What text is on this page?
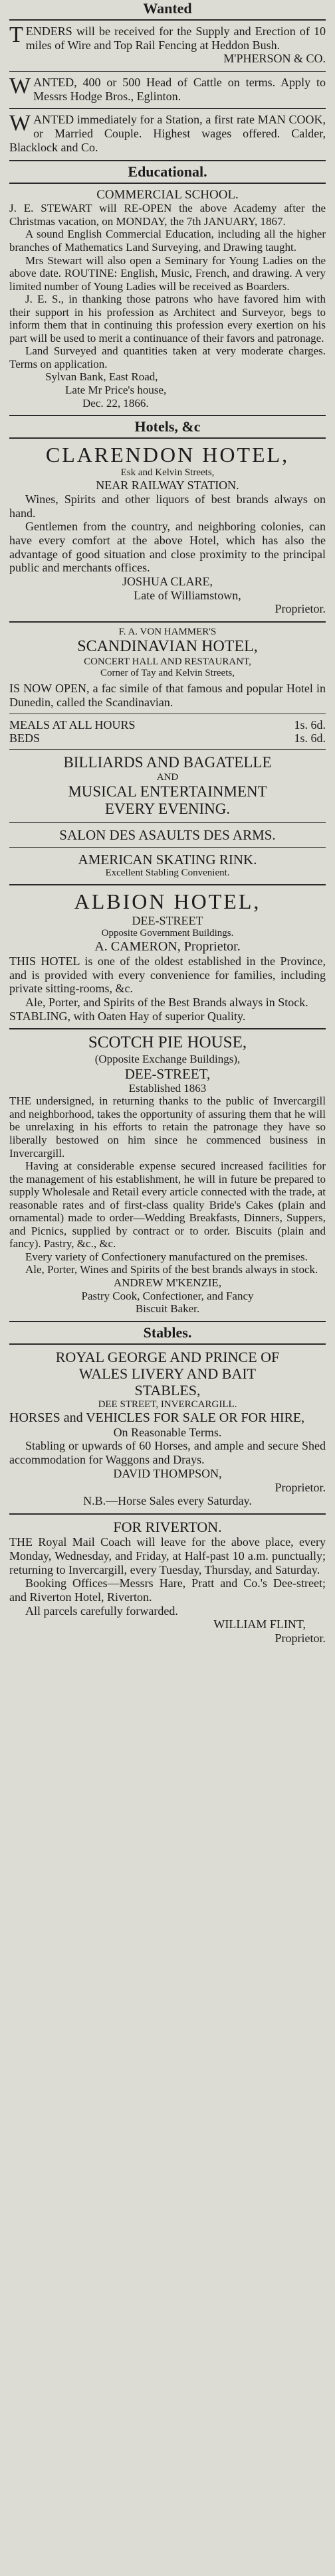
Wanted
TENDERS will be received for the Supply and Erection of 10 miles of Wire and Top Rail Fencing at Heddon Bush.
M'PHERSON & CO.
WANTED, 400 or 500 Head of Cattle on terms. Apply to Messrs Hodge Bros., Eglinton.
WANTED immediately for a Station, a first rate MAN COOK, or Married Couple. Highest wages offered. Calder, Blacklock and Co.
Educational.
COMMERCIAL SCHOOL.
J. E. STEWART will RE-OPEN the above Academy after the Christmas vacation, on MONDAY, the 7th JANUARY, 1867.
A sound English Commercial Education, including all the higher branches of Mathematics Land Surveying, and Drawing taught.
Mrs Stewart will also open a Seminary for Young Ladies on the above date. ROUTINE: English, Music, French, and drawing. A very limited number of Young Ladies will be received as Boarders.
J. E. S., in thanking those patrons who have favored him with their support in his profession as Architect and Surveyor, begs to inform them that in continuing this profession every exertion on his part will be used to merit a continuance of their favors and patronage.
Land Surveyed and quantities taken at very moderate charges. Terms on application.
Sylvan Bank, East Road,
Late Mr Price's house,
Dec. 22, 1866.
Hotels, &c
CLARENDON HOTEL,
Esk and Kelvin Streets,
NEAR RAILWAY STATION.
Wines, Spirits and other liquors of best brands always on hand.
Gentlemen from the country, and neighboring colonies, can have every comfort at the above Hotel, which has also the advantage of good situation and close proximity to the principal public and merchants offices.
JOSHUA CLARE,
Late of Williamstown,
Proprietor.
F. A. VON HAMMER'S
SCANDINAVIAN HOTEL,
CONCERT HALL AND RESTAURANT,
Corner of Tay and Kelvin Streets,
IS NOW OPEN, a fac simile of that famous and popular Hotel in Dunedin, called the Scandinavian.
MEALS AT ALL HOURS	1s. 6d.
BEDS	1s. 6d.
BILLIARDS AND BAGATELLE
AND
MUSICAL ENTERTAINMENT
EVERY EVENING.
SALON DES ASAULTS DES ARMS.
AMERICAN SKATING RINK.
Excellent Stabling Convenient.
ALBION HOTEL,
DEE-STREET
Opposite Government Buildings.
A. CAMERON, Proprietor.
THIS HOTEL is one of the oldest established in the Province, and is provided with every convenience for families, including private sitting-rooms, &c.
Ale, Porter, and Spirits of the Best Brands always in Stock.
STABLING, with Oaten Hay of superior Quality.
SCOTCH PIE HOUSE,
(Opposite Exchange Buildings),
DEE-STREET,
Established 1863
THE undersigned, in returning thanks to the public of Invercargill and neighborhood, takes the opportunity of assuring them that he will be unrelaxing in his efforts to retain the patronage they have so liberally bestowed on him since he commenced business in Invercargill.
Having at considerable expense secured increased facilities for the management of his establishment, he will in future be prepared to supply Wholesale and Retail every article connected with the trade, at reasonable rates and of first-class quality Bride's Cakes (plain and ornamental) made to order—Wedding Breakfasts, Dinners, Suppers, and Picnics, supplied by contract or to order. Biscuits (plain and fancy). Pastry, &c., &c.
Every variety of Confectionery manufactured on the premises.
Ale, Porter, Wines and Spirits of the best brands always in stock.
ANDREW M'KENZIE,
Pastry Cook, Confectioner, and Fancy
Biscuit Baker.
Stables.
ROYAL GEORGE AND PRINCE OF
WALES LIVERY AND BAIT
STABLES,
DEE STREET, INVERCARGILL.
HORSES and VEHICLES FOR SALE OR FOR HIRE,
On Reasonable Terms.
Stabling or upwards of 60 Horses, and ample and secure Shed accommodation for Waggons and Drays.
DAVID THOMPSON,
Proprietor.
N.B.—Horse Sales every Saturday.
FOR RIVERTON.
THE Royal Mail Coach will leave for the above place, every Monday, Wednesday, and Friday, at Half-past 10 a.m. punctually; returning to Invercargill, every Tuesday, Thursday, and Saturday.
Booking Offices—Messrs Hare, Pratt and Co.'s Dee-street; and Riverton Hotel, Riverton.
All parcels carefully forwarded.
WILLIAM FLINT,
Proprietor.
